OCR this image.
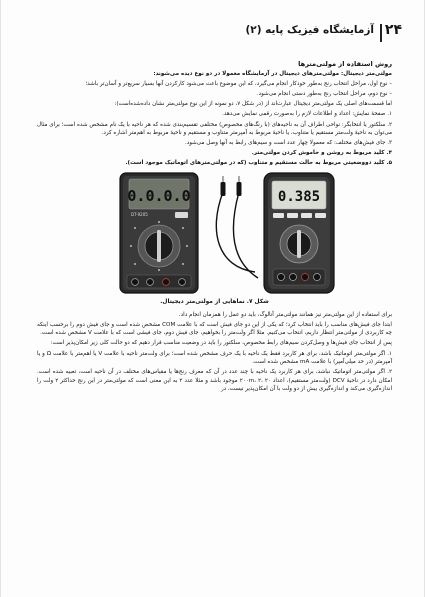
۲۴
آزمایشگاه فیزیک پایه (۲)

روش استفاده از مولتی‌مترها

مولتی‌متر دیجیتال: مولتی‌مترهای دیجیتال در آزمایشگاه معمولا در دو نوع دیده می‌شوند:

– نوع اول، مراحل انتخاب رنج به‌طور خودکار انجام می‌گیرد، که این موضوع باعث می‌شود کارکردن آنها بسیار سریع‌تر و آسان‌تر باشد؛

– نوع دوم، مراحل انتخاب رنج به‌طور دستی انجام می‌شود.

اما قسمت‌های اصلی یک مولتی‌متر دیجیتال عبارت‌اند از (در شکل ۷، دو نمونه از این نوع مولتی‌متر نشان داده‌شده‌است):

۱. صفحهٔ نمایش: اعداد و اطلاعات لازم را به‌صورت رقمی نمایش می‌دهد.

۲. سلکتور یا انتخابگر: نواحی اطراف آن به ناحیه‌های (با رنگ‌های مخصوص) مختلفی تقسیم‌بندی شده که هر ناحیه با یک نام مشخص شده است؛ برای مثال می‌توان به ناحیهٔ ولت‌متر مستقیم یا متناوب، یا ناحیهٔ مربوط به آمپرمتر متناوب و مستقیم و ناحیهٔ مربوط به اهم‌متر اشاره کرد.

۳. جای فیش‌های مختلف: که معمولا چهار عدد است و سیم‌های رابط به آنها وصل می‌شود.

۴. کلید مربوط به روشن و خاموش کردن مولتی‌متر.

۵. کلید دووضعیتی مربوط به حالت مستقیم و متناوب (که در مولتی‌مترهای اتوماتیک موجود است).

0.0.0.0
DT-9205
0.385
شکل ۷. نماهایی از مولتی‌متر دیجیتال.

برای استفاده از این مولتی‌متر نیز همانند مولتی‌متر آنالوگ، باید دو عمل را همزمان انجام داد.

ابتدا جای فیش‌های مناسب را باید انتخاب کرد؛ که یکی از این دو جای فیش است که با علامت COM مشخص شده است و جای فیش دوم را برحسب اینکه چه کاربردی از مولتی‌متر انتظار داریم، انتخاب می‌کنیم. مثلا اگر ولت‌متر را بخواهیم، جای فیش دوم، جای فیشی است که با علامت V مشخص شده است.

پس از انتخاب جای فیش‌ها و وصل‌کردن سیم‌های رابط مخصوص، سلکتور را باید در وضعیت مناسب قرار دهیم که دو حالت کلی زیر امکان‌پذیر است:

۱. اگر مولتی‌متر اتوماتیک باشد، برای هر کاربرد فقط یک ناحیه با یک حرف مشخص شده است؛ برای ولت‌متر ناحیه با علامت V یا اهم‌متر با علامت Ω و یا آمپرمتر (در حد میلی‌آمپر) با علامت mA مشخص شده است.

۲. اگر مولتی‌متر اتوماتیک نباشد، برای هر کاربرد یک ناحیه با چند عدد در آن که معرف رنج‌ها یا مقیاس‌های مختلف در آن ناحیه است، تعبیه شده است. امکان دارد در ناحیهٔ DCV (ولت‌متر مستقیم)، اعداد ۲۰۰m، ۲، ۲۰ موجود باشد و مثلا عدد ۲ به این معنی است که مولتی‌متر در این رنج حداکثر ۲ ولت را اندازه‌گیری می‌کند و اندازه‌گیری بیش از دو ولت با آن امکان‌پذیر نیست، در
